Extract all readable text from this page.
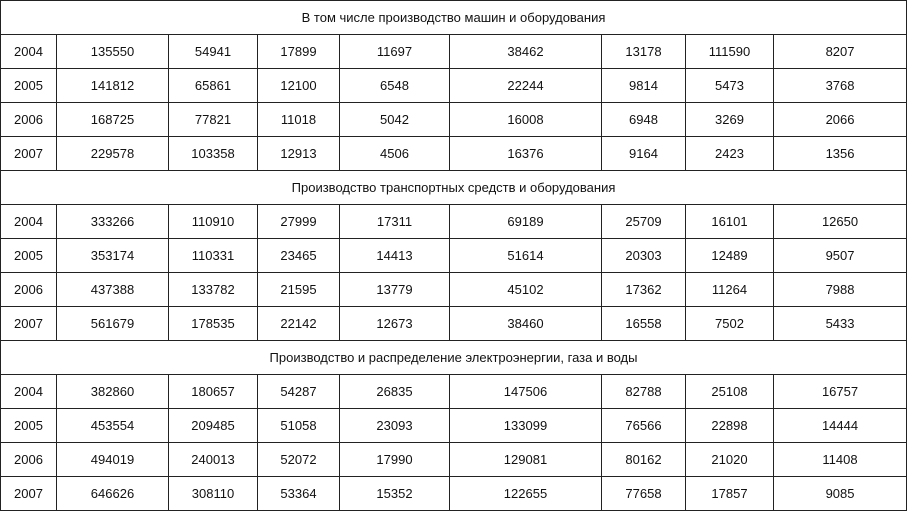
В том числе производство машин и оборудования								
2004	135550	54941	17899	11697	38462	13178	111590	8207
2005	141812	65861	12100	6548	22244	9814	5473	3768
2006	168725	77821	11018	5042	16008	6948	3269	2066
2007	229578	103358	12913	4506	16376	9164	2423	1356
Производство транспортных средств и оборудования								
2004	333266	110910	27999	17311	69189	25709	16101	12650
2005	353174	110331	23465	14413	51614	20303	12489	9507
2006	437388	133782	21595	13779	45102	17362	11264	7988
2007	561679	178535	22142	12673	38460	16558	7502	5433
Производство и распределение электроэнергии, газа и воды								
2004	382860	180657	54287	26835	147506	82788	25108	16757
2005	453554	209485	51058	23093	133099	76566	22898	14444
2006	494019	240013	52072	17990	129081	80162	21020	11408
2007	646626	308110	53364	15352	122655	77658	17857	9085
